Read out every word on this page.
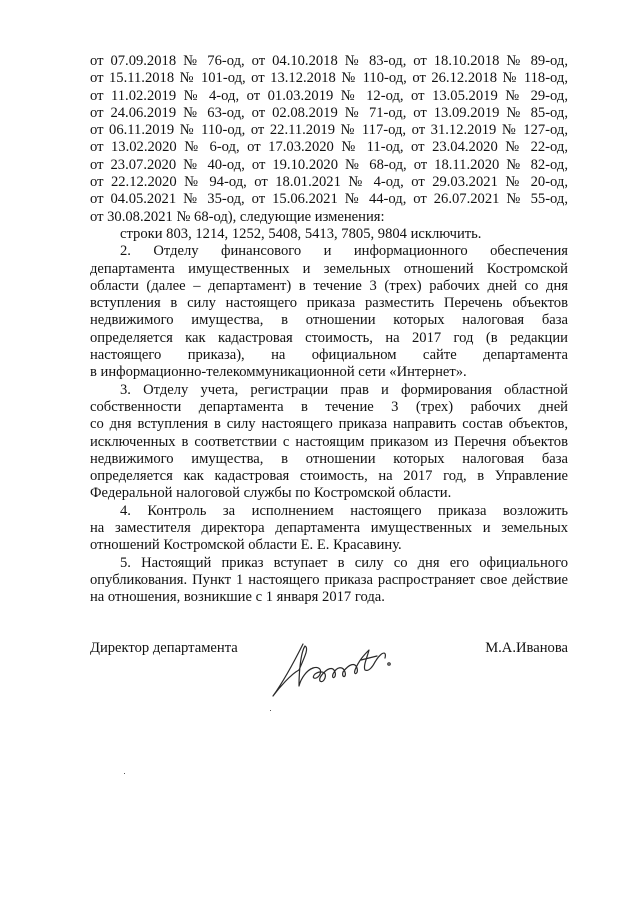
от 07.09.2018 № 76-од, от 04.10.2018 № 83-од, от 18.10.2018 № 89-од,
от 15.11.2018 № 101-од, от 13.12.2018 № 110-од, от 26.12.2018 № 118-од,
от 11.02.2019 № 4-од, от 01.03.2019 № 12-од, от 13.05.2019 № 29-од,
от 24.06.2019 № 63-од, от 02.08.2019 № 71-од, от 13.09.2019 № 85-од,
от 06.11.2019 № 110-од, от 22.11.2019 № 117-од, от 31.12.2019 № 127-од,
от 13.02.2020 № 6-од, от 17.03.2020 № 11-од, от 23.04.2020 № 22-од,
от 23.07.2020 № 40-од, от 19.10.2020 № 68-од, от 18.11.2020 № 82-од,
от 22.12.2020 № 94-од, от 18.01.2021 № 4-од, от 29.03.2021 № 20-од,
от 04.05.2021 № 35-од, от 15.06.2021 № 44-од, от 26.07.2021 № 55-од,
от 30.08.2021 № 68-од), следующие изменения:
строки 803, 1214, 1252, 5408, 5413, 7805, 9804 исключить.
2. Отделу финансового и информационного обеспечения
департамента имущественных и земельных отношений Костромской
области (далее – департамент) в течение 3 (трех) рабочих дней со дня
вступления в силу настоящего приказа разместить Перечень объектов
недвижимого имущества, в отношении которых налоговая база
определяется как кадастровая стоимость, на 2017 год (в редакции
настоящего приказа), на официальном сайте департамента
в информационно-телекоммуникационной сети «Интернет».
3. Отделу учета, регистрации прав и формирования областной
собственности департамента в течение 3 (трех) рабочих дней
со дня вступления в силу настоящего приказа направить состав объектов,
исключенных в соответствии с настоящим приказом из Перечня объектов
недвижимого имущества, в отношении которых налоговая база
определяется как кадастровая стоимость, на 2017 год, в Управление
Федеральной налоговой службы по Костромской области.
4. Контроль за исполнением настоящего приказа возложить
на заместителя директора департамента имущественных и земельных
отношений Костромской области Е. Е. Красавину.
5. Настоящий приказ вступает в силу со дня его официального
опубликования. Пункт 1 настоящего приказа распространяет свое действие
на отношения, возникшие с 1 января 2017 года.
Директор департамента	М.А.Иванова
